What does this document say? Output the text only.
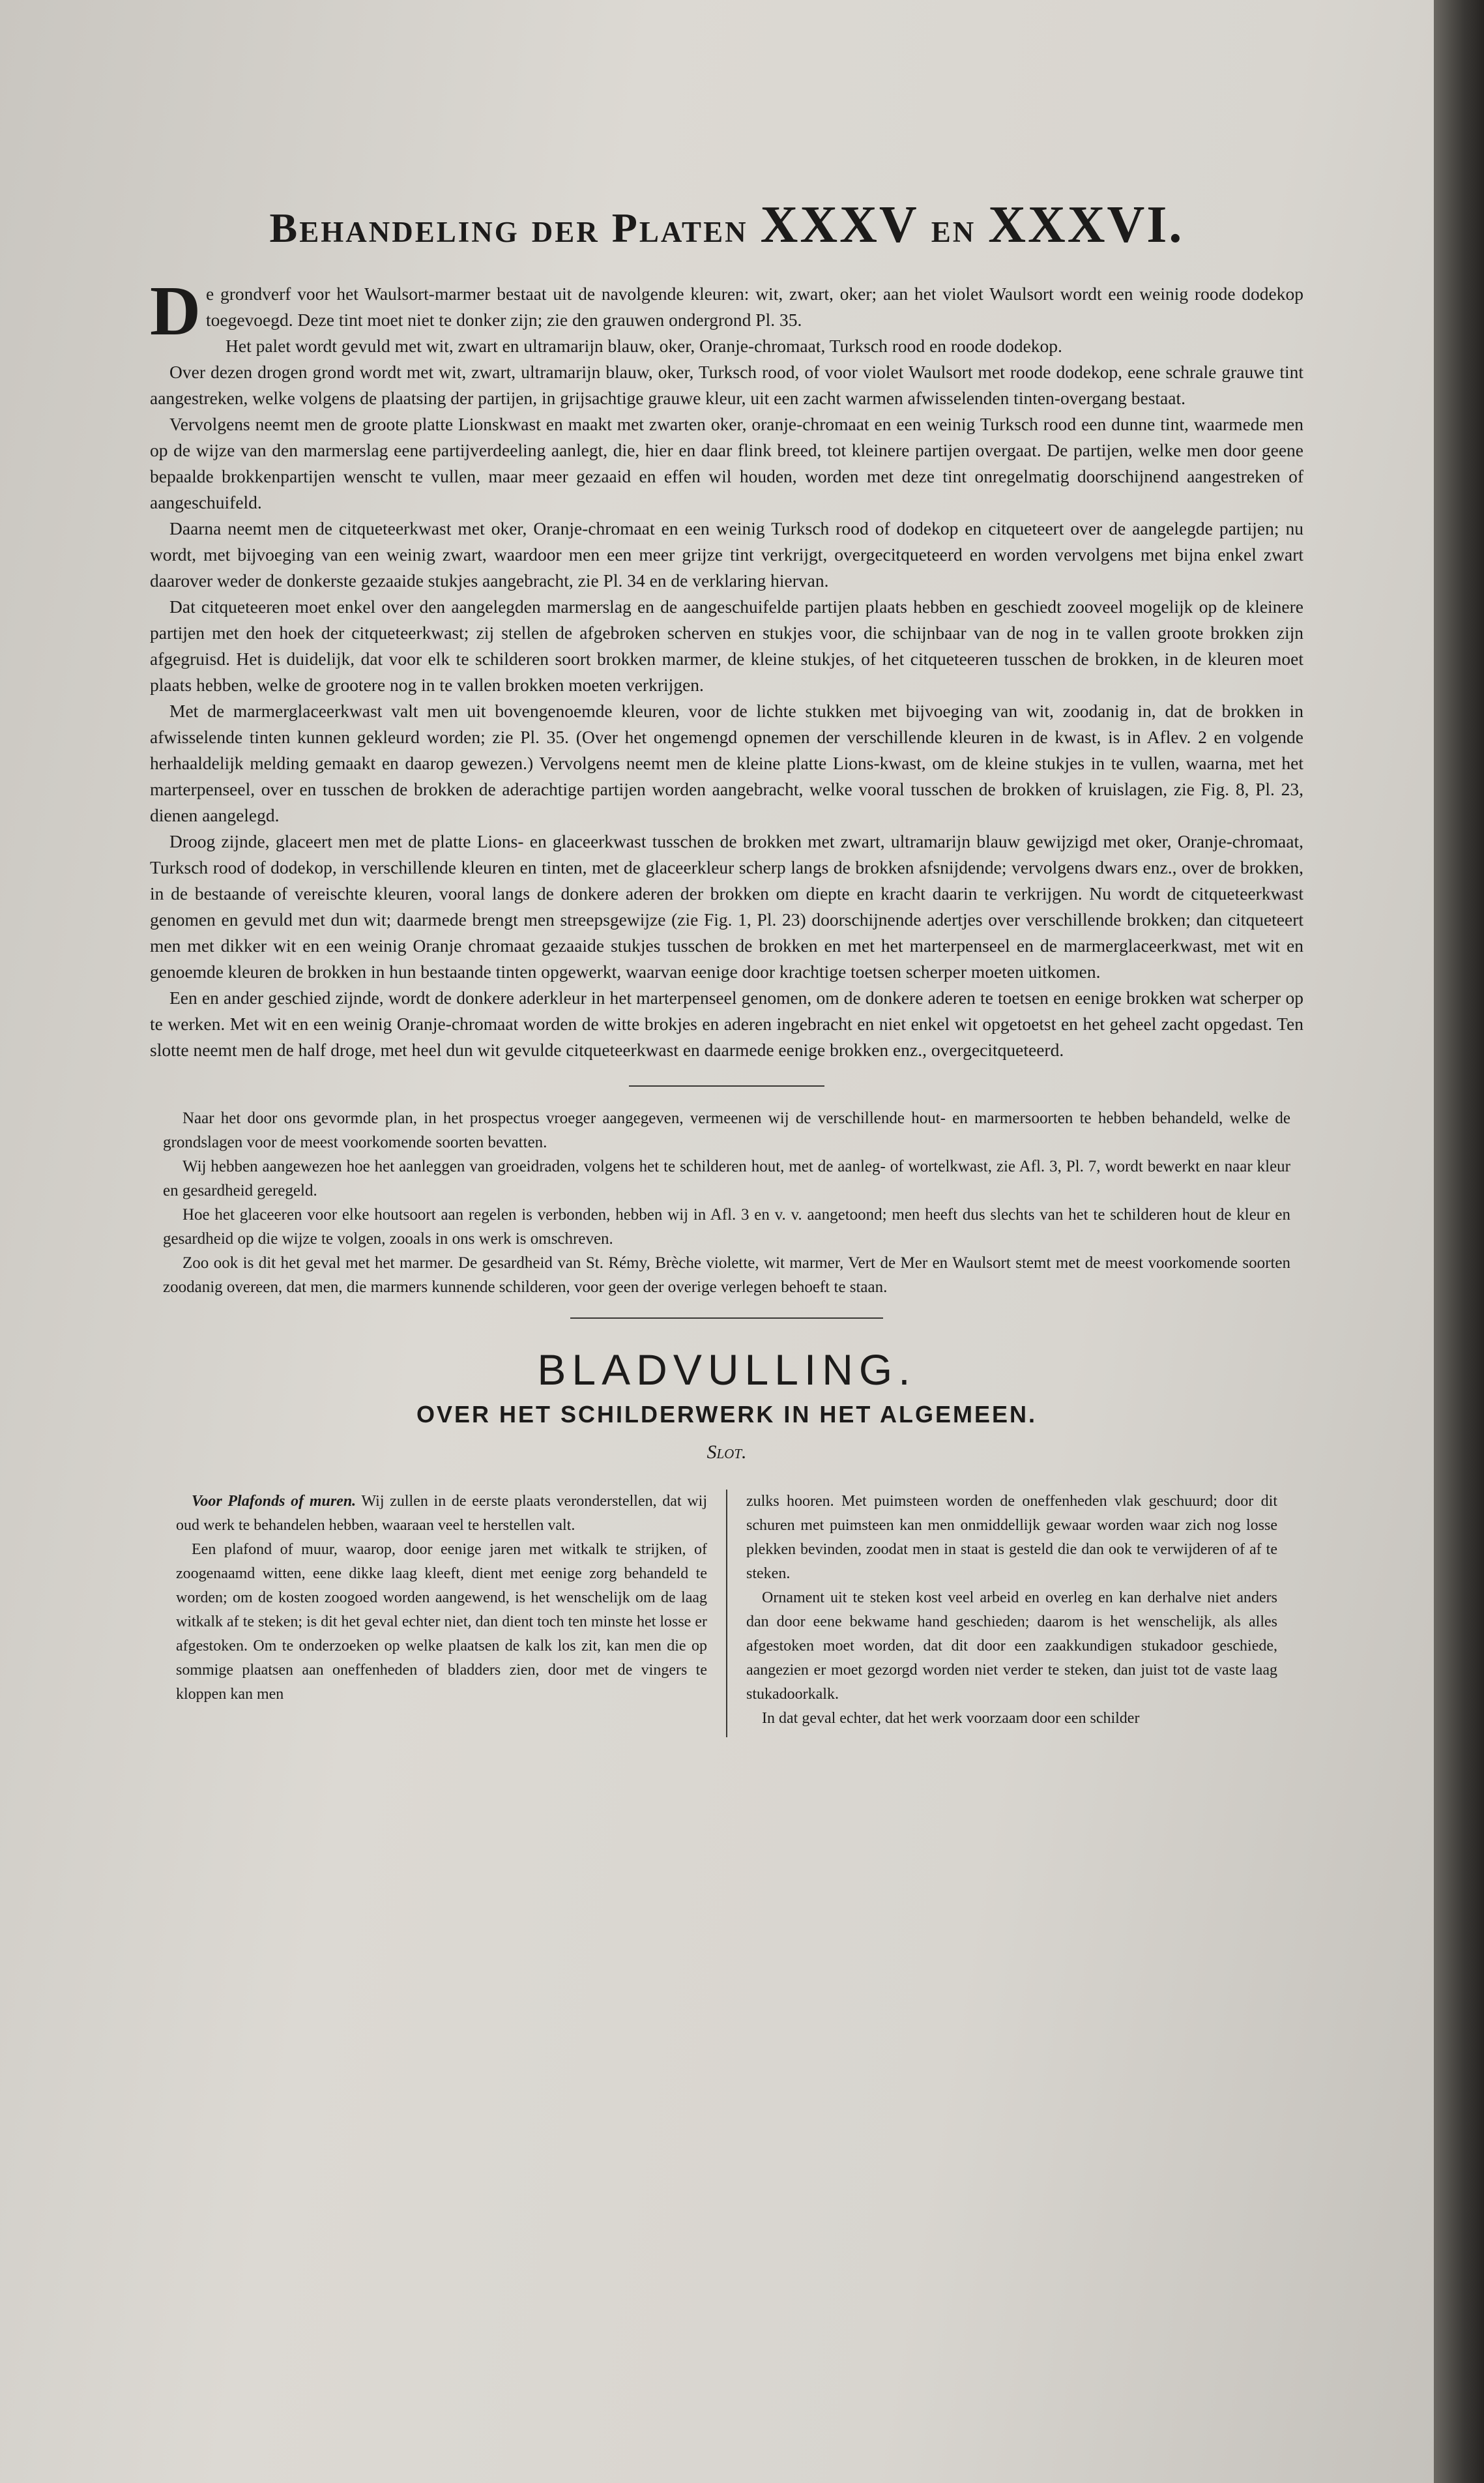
Behandeling der Platen XXXV en XXXVI.

De grondverf voor het Waulsort-marmer bestaat uit de navolgende kleuren: wit, zwart, oker; aan het violet Waulsort wordt een weinig roode dodekop toegevoegd. Deze tint moet niet te donker zijn; zie den grauwen ondergrond Pl. 35.

Het palet wordt gevuld met wit, zwart en ultramarijn blauw, oker, Oranje-chromaat, Turksch rood en roode dodekop.

Over dezen drogen grond wordt met wit, zwart, ultramarijn blauw, oker, Turksch rood, of voor violet Waulsort met roode dodekop, eene schrale grauwe tint aangestreken, welke volgens de plaatsing der partijen, in grijsachtige grauwe kleur, uit een zacht warmen afwisselenden tinten-overgang bestaat.

Vervolgens neemt men de groote platte Lionskwast en maakt met zwarten oker, oranje-chromaat en een weinig Turksch rood een dunne tint, waarmede men op de wijze van den marmerslag eene partijverdeeling aanlegt, die, hier en daar flink breed, tot kleinere partijen overgaat. De partijen, welke men door geene bepaalde brokkenpartijen wenscht te vullen, maar meer gezaaid en effen wil houden, worden met deze tint onregelmatig doorschijnend aangestreken of aangeschuifeld.

Daarna neemt men de citqueteerkwast met oker, Oranje-chromaat en een weinig Turksch rood of dodekop en citqueteert over de aangelegde partijen; nu wordt, met bijvoeging van een weinig zwart, waardoor men een meer grijze tint verkrijgt, overgecitqueteerd en worden vervolgens met bijna enkel zwart daarover weder de donkerste gezaaide stukjes aangebracht, zie Pl. 34 en de verklaring hiervan.

Dat citqueteeren moet enkel over den aangelegden marmerslag en de aangeschuifelde partijen plaats hebben en geschiedt zooveel mogelijk op de kleinere partijen met den hoek der citqueteerkwast; zij stellen de afgebroken scherven en stukjes voor, die schijnbaar van de nog in te vallen groote brokken zijn afgegruisd. Het is duidelijk, dat voor elk te schilderen soort brokken marmer, de kleine stukjes, of het citqueteeren tusschen de brokken, in de kleuren moet plaats hebben, welke de grootere nog in te vallen brokken moeten verkrijgen.

Met de marmerglaceerkwast valt men uit bovengenoemde kleuren, voor de lichte stukken met bijvoeging van wit, zoodanig in, dat de brokken in afwisselende tinten kunnen gekleurd worden; zie Pl. 35. (Over het ongemengd opnemen der verschillende kleuren in de kwast, is in Aflev. 2 en volgende herhaaldelijk melding gemaakt en daarop gewezen.) Vervolgens neemt men de kleine platte Lions-kwast, om de kleine stukjes in te vullen, waarna, met het marterpenseel, over en tusschen de brokken de aderachtige partijen worden aangebracht, welke vooral tusschen de brokken of kruislagen, zie Fig. 8, Pl. 23, dienen aangelegd.

Droog zijnde, glaceert men met de platte Lions- en glaceerkwast tusschen de brokken met zwart, ultramarijn blauw gewijzigd met oker, Oranje-chromaat, Turksch rood of dodekop, in verschillende kleuren en tinten, met de glaceerkleur scherp langs de brokken afsnijdende; vervolgens dwars enz., over de brokken, in de bestaande of vereischte kleuren, vooral langs de donkere aderen der brokken om diepte en kracht daarin te verkrijgen. Nu wordt de citqueteerkwast genomen en gevuld met dun wit; daarmede brengt men streepsgewijze (zie Fig. 1, Pl. 23) doorschijnende adertjes over verschillende brokken; dan citqueteert men met dikker wit en een weinig Oranje chromaat gezaaide stukjes tusschen de brokken en met het marterpenseel en de marmerglaceerkwast, met wit en genoemde kleuren de brokken in hun bestaande tinten opgewerkt, waarvan eenige door krachtige toetsen scherper moeten uitkomen.

Een en ander geschied zijnde, wordt de donkere aderkleur in het marterpenseel genomen, om de donkere aderen te toetsen en eenige brokken wat scherper op te werken. Met wit en een weinig Oranje-chromaat worden de witte brokjes en aderen ingebracht en niet enkel wit opgetoetst en het geheel zacht opgedast. Ten slotte neemt men de half droge, met heel dun wit gevulde citqueteerkwast en daarmede eenige brokken enz., overgecitqueteerd.

Naar het door ons gevormde plan, in het prospectus vroeger aangegeven, vermeenen wij de verschillende hout- en marmersoorten te hebben behandeld, welke de grondslagen voor de meest voorkomende soorten bevatten.

Wij hebben aangewezen hoe het aanleggen van groeidraden, volgens het te schilderen hout, met de aanleg- of wortelkwast, zie Afl. 3, Pl. 7, wordt bewerkt en naar kleur en gesardheid geregeld.

Hoe het glaceeren voor elke houtsoort aan regelen is verbonden, hebben wij in Afl. 3 en v. v. aangetoond; men heeft dus slechts van het te schilderen hout de kleur en gesardheid op die wijze te volgen, zooals in ons werk is omschreven.

Zoo ook is dit het geval met het marmer. De gesardheid van St. Rémy, Brèche violette, wit marmer, Vert de Mer en Waulsort stemt met de meest voorkomende soorten zoodanig overeen, dat men, die marmers kunnende schilderen, voor geen der overige verlegen behoeft te staan.

BLADVULLING.
OVER HET SCHILDERWERK IN HET ALGEMEEN.
Slot.

Voor Plafonds of muren. Wij zullen in de eerste plaats veronderstellen, dat wij oud werk te behandelen hebben, waaraan veel te herstellen valt.

Een plafond of muur, waarop, door eenige jaren met witkalk te strijken, of zoogenaamd witten, eene dikke laag kleeft, dient met eenige zorg behandeld te worden; om de kosten zoogoed worden aangewend, is het wenschelijk om de laag witkalk af te steken; is dit het geval echter niet, dan dient toch ten minste het losse er afgestoken. Om te onderzoeken op welke plaatsen de kalk los zit, kan men die op sommige plaatsen aan oneffenheden of bladders zien, door met de vingers te kloppen kan men

zulks hooren. Met puimsteen worden de oneffenheden vlak geschuurd; door dit schuren met puimsteen kan men onmiddellijk gewaar worden waar zich nog losse plekken bevinden, zoodat men in staat is gesteld die dan ook te verwijderen of af te steken.

Ornament uit te steken kost veel arbeid en overleg en kan derhalve niet anders dan door eene bekwame hand geschieden; daarom is het wenschelijk, als alles afgestoken moet worden, dat dit door een zaakkundigen stukadoor geschiede, aangezien er moet gezorgd worden niet verder te steken, dan juist tot de vaste laag stukadoorkalk.

In dat geval echter, dat het werk voorzaam door een schilder
